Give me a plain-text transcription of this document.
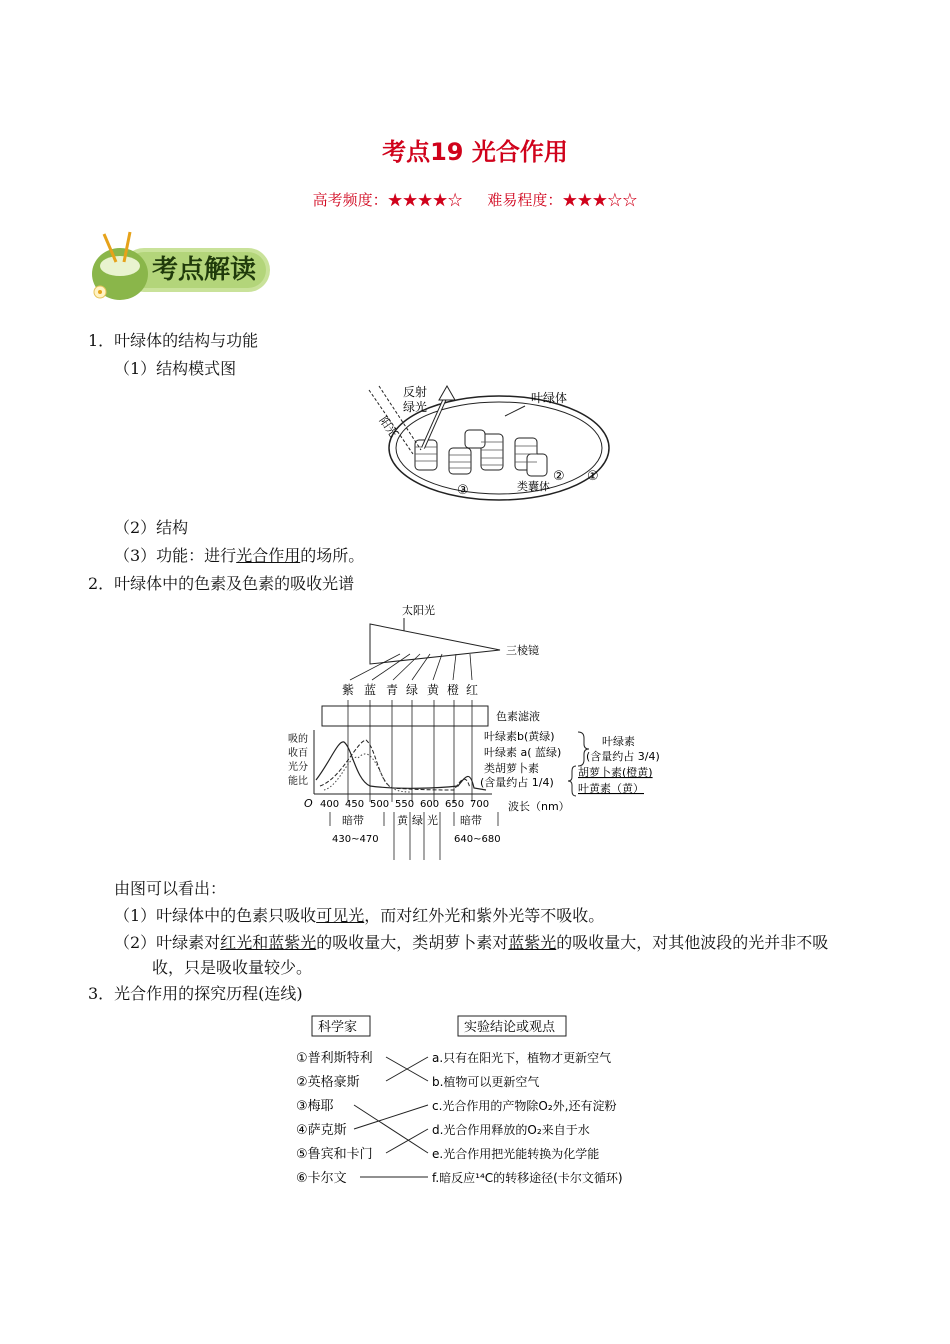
考点19 光合作用
高考频度：★★★★☆ 难易程度：★★★☆☆
考点解读
1．叶绿体的结构与功能
（1）结构模式图
阳光
反射
绿光
叶绿体
类囊体
③
② ①
（2）结构
（3）功能：进行光合作用的场所。
2．叶绿体中的色素及色素的吸收光谱
太阳光
三棱镜
紫 蓝 青 绿 黄 橙 红
色素滤液
吸的
收百
光分
能比
O 400 450 500 550 600 650 700 波长（nm）
叶绿素b(黄绿)
叶绿素 a( 蓝绿)
类胡萝卜素
(含量约占 1/4)
叶绿素
(含量约占 3/4)
胡萝卜素(橙黄)
叶黄素（黄）
暗带
430~470
暗带
640~680
黄 绿 光
由图可以看出：
（1）叶绿体中的色素只吸收可见光，而对红外光和紫外光等不吸收。
（2）叶绿素对红光和蓝紫光的吸收量大，类胡萝卜素对蓝紫光的吸收量大，对其他波段的光并非不吸
收，只是吸收量较少。
3．光合作用的探究历程(连线)
科学家	实验结论或观点
①普利斯特利
②英格豪斯
③梅耶
④萨克斯
⑤鲁宾和卡门
⑥卡尔文
a.只有在阳光下，植物才更新空气
b.植物可以更新空气
c.光合作用的产物除O₂外,还有淀粉
d.光合作用释放的O₂来自于水
e.光合作用把光能转换为化学能
f.暗反应¹⁴C的转移途径(卡尔文循环)
